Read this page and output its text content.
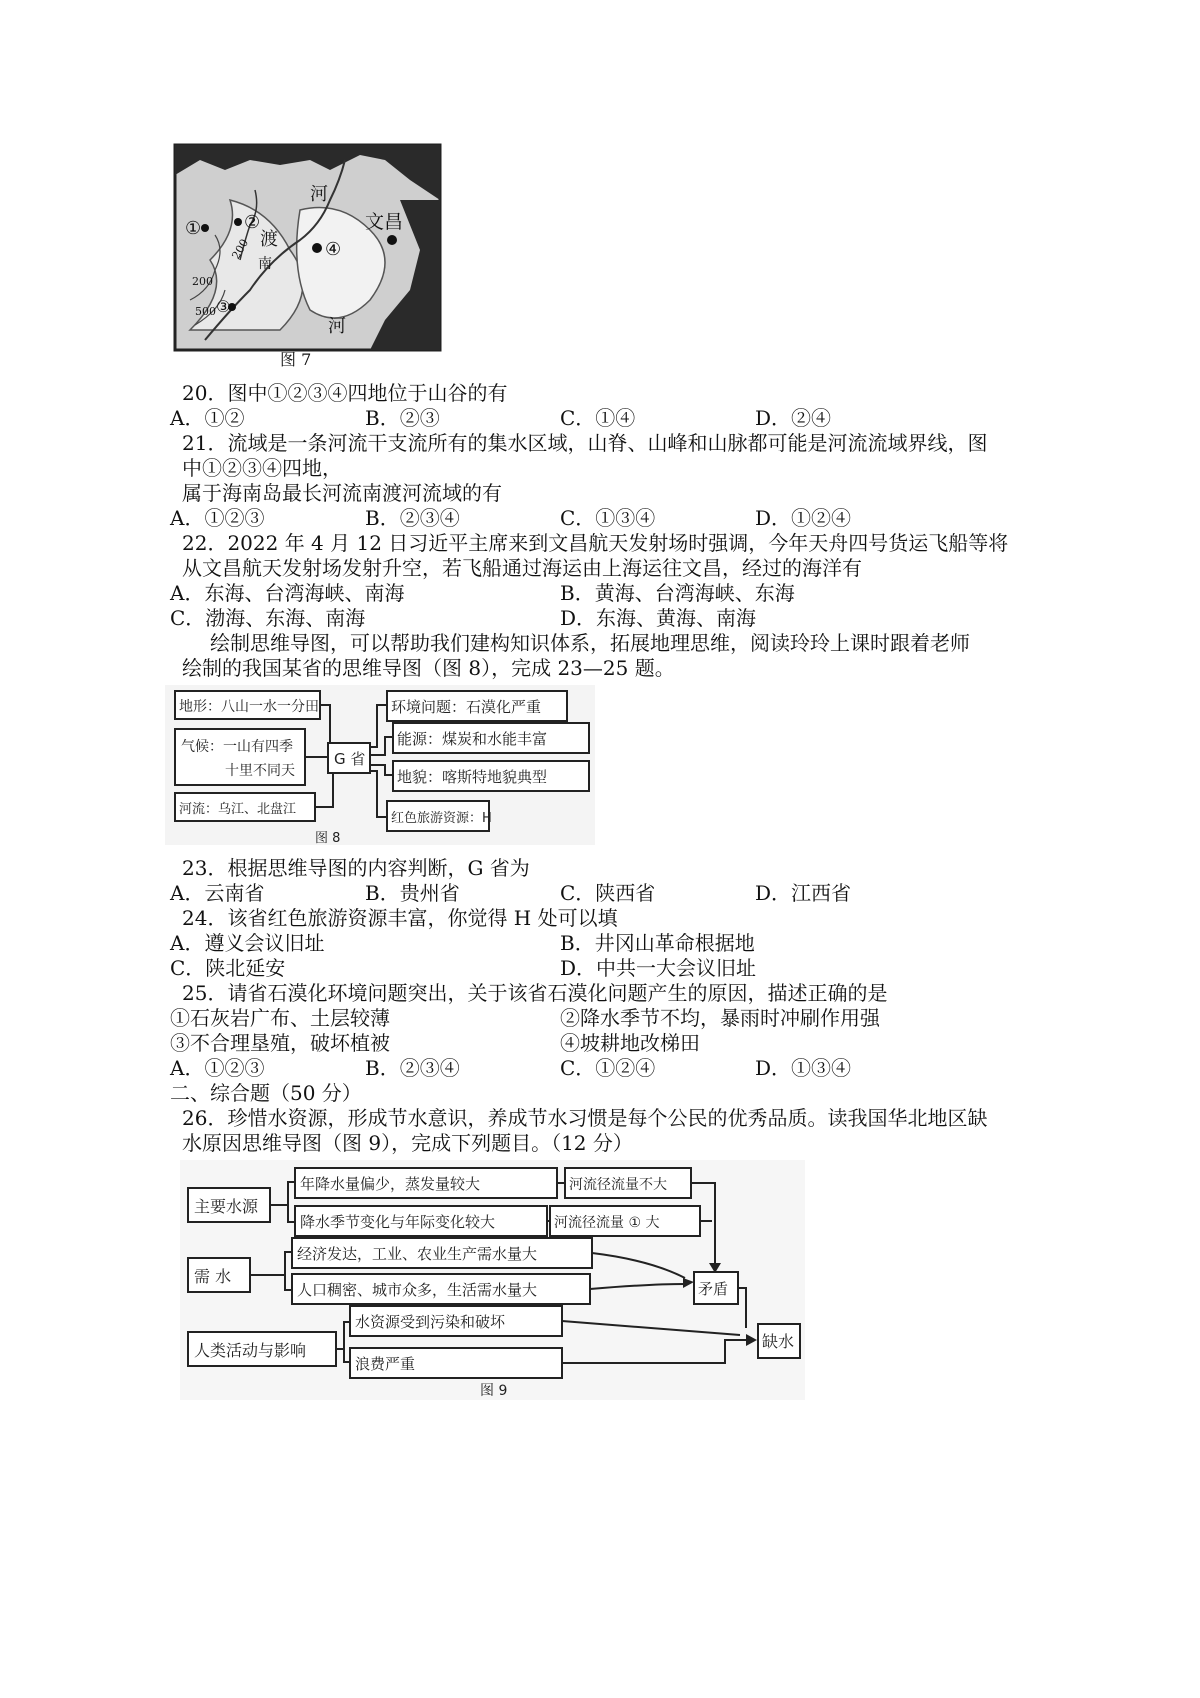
① ②
③
④
文昌
河
渡
南
河
200
200
500
图 7
20．图中①②③④四地位于山谷的有
A．①②	B．②③	C．①④	D．②④
21．流域是一条河流干支流所有的集水区域，山脊、山峰和山脉都可能是河流流域界线，图
中①②③④四地，
属于海南岛最长河流南渡河流域的有
A．①②③	B．②③④	C．①③④	D．①②④
22．2022 年 4 月 12 日习近平主席来到文昌航天发射场时强调，今年天舟四号货运飞船等将
从文昌航天发射场发射升空，若飞船通过海运由上海运往文昌，经过的海洋有
A．东海、台湾海峡、南海	B．黄海、台湾海峡、东海
C．渤海、东海、南海	D．东海、黄海、南海
绘制思维导图，可以帮助我们建构知识体系，拓展地理思维，阅读玲玲上课时跟着老师
绘制的我国某省的思维导图（图 8），完成 23—25 题。
地形：八山一水一分田
气候：一山有四季
十里不同天
河流：乌江、北盘江
G 省
环境问题：石漠化严重
能源：煤炭和水能丰富
地貌：喀斯特地貌典型
红色旅游资源：H
图 8
23．根据思维导图的内容判断，G 省为
A．云南省	B．贵州省	C．陕西省	D．江西省
24．该省红色旅游资源丰富，你觉得 H 处可以填
A．遵义会议旧址	B．井冈山革命根据地
C．陕北延安	D．中共一大会议旧址
25．请省石漠化环境问题突出，关于该省石漠化问题产生的原因，描述正确的是
①石灰岩广布、土层较薄	②降水季节不均，暴雨时冲刷作用强
③不合理垦殖，破坏植被	④坡耕地改梯田
A．①②③	B．②③④	C．①②④	D．①③④
二、综合题（50 分）
26．珍惜水资源，形成节水意识，养成节水习惯是每个公民的优秀品质。读我国华北地区缺
水原因思维导图（图 9），完成下列题目。（12 分）
主要水源
需 水
人类活动与影响
年降水量偏少，蒸发量较大
降水季节变化与年际变化较大
经济发达，工业、农业生产需水量大
人口稠密、城市众多，生活需水量大
水资源受到污染和破坏
浪费严重
河流径流量不大
河流径流量 ① 大
矛盾
缺水
图 9
